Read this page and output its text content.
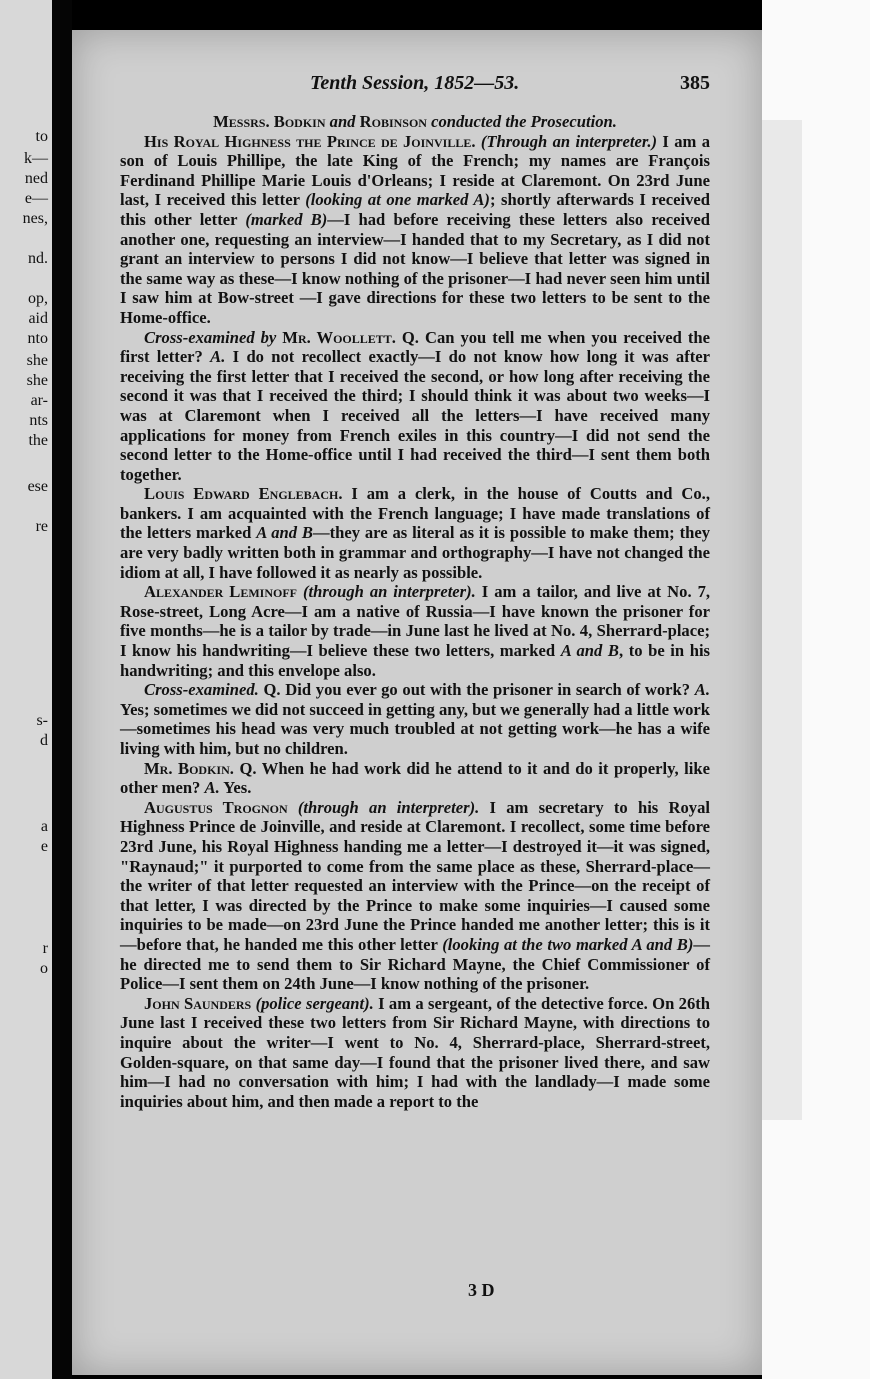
to
k—
ned
e—
nes,
nd.
op,
aid
nto
she
she
ar-
nts
the
ese
re
s-
d
a
e
r
o
Tenth Session, 1852—53.	385

Messrs. Bodkin and Robinson conducted the Prosecution.

His Royal Highness the Prince de Joinville. (Through an interpreter.) I am a son of Louis Phillipe, the late King of the French; my names are François Ferdinand Phillipe Marie Louis d'Orleans; I reside at Claremont. On 23rd June last, I received this letter (looking at one marked A); shortly afterwards I received this other letter (marked B)—I had before receiving these letters also received another one, requesting an interview—I handed that to my Secretary, as I did not grant an interview to persons I did not know—I believe that letter was signed in the same way as these—I know nothing of the prisoner—I had never seen him until I saw him at Bow-street —I gave directions for these two letters to be sent to the Home-office.

Cross-examined by Mr. Woollett. Q. Can you tell me when you received the first letter? A. I do not recollect exactly—I do not know how long it was after receiving the first letter that I received the second, or how long after receiving the second it was that I received the third; I should think it was about two weeks—I was at Claremont when I received all the letters—I have received many applications for money from French exiles in this country—I did not send the second letter to the Home-office until I had received the third—I sent them both together.

Louis Edward Englebach. I am a clerk, in the house of Coutts and Co., bankers. I am acquainted with the French language; I have made translations of the letters marked A and B—they are as literal as it is possible to make them; they are very badly written both in grammar and orthography—I have not changed the idiom at all, I have followed it as nearly as possible.

Alexander Leminoff (through an interpreter). I am a tailor, and live at No. 7, Rose-street, Long Acre—I am a native of Russia—I have known the prisoner for five months—he is a tailor by trade—in June last he lived at No. 4, Sherrard-place; I know his handwriting—I believe these two letters, marked A and B, to be in his handwriting; and this envelope also.

Cross-examined. Q. Did you ever go out with the prisoner in search of work? A. Yes; sometimes we did not succeed in getting any, but we generally had a little work—sometimes his head was very much troubled at not getting work—he has a wife living with him, but no children.

Mr. Bodkin. Q. When he had work did he attend to it and do it properly, like other men? A. Yes.

Augustus Trognon (through an interpreter). I am secretary to his Royal Highness Prince de Joinville, and reside at Claremont. I recollect, some time before 23rd June, his Royal Highness handing me a letter—I destroyed it—it was signed, "Raynaud;" it purported to come from the same place as these, Sherrard-place—the writer of that letter requested an interview with the Prince—on the receipt of that letter, I was directed by the Prince to make some inquiries—I caused some inquiries to be made—on 23rd June the Prince handed me another letter; this is it—before that, he handed me this other letter (looking at the two marked A and B)—he directed me to send them to Sir Richard Mayne, the Chief Commissioner of Police—I sent them on 24th June—I know nothing of the prisoner.

John Saunders (police sergeant). I am a sergeant, of the detective force. On 26th June last I received these two letters from Sir Richard Mayne, with directions to inquire about the writer—I went to No. 4, Sherrard-place, Sherrard-street, Golden-square, on that same day—I found that the prisoner lived there, and saw him—I had no conversation with him; I had with the landlady—I made some inquiries about him, and then made a report to the

3 D
